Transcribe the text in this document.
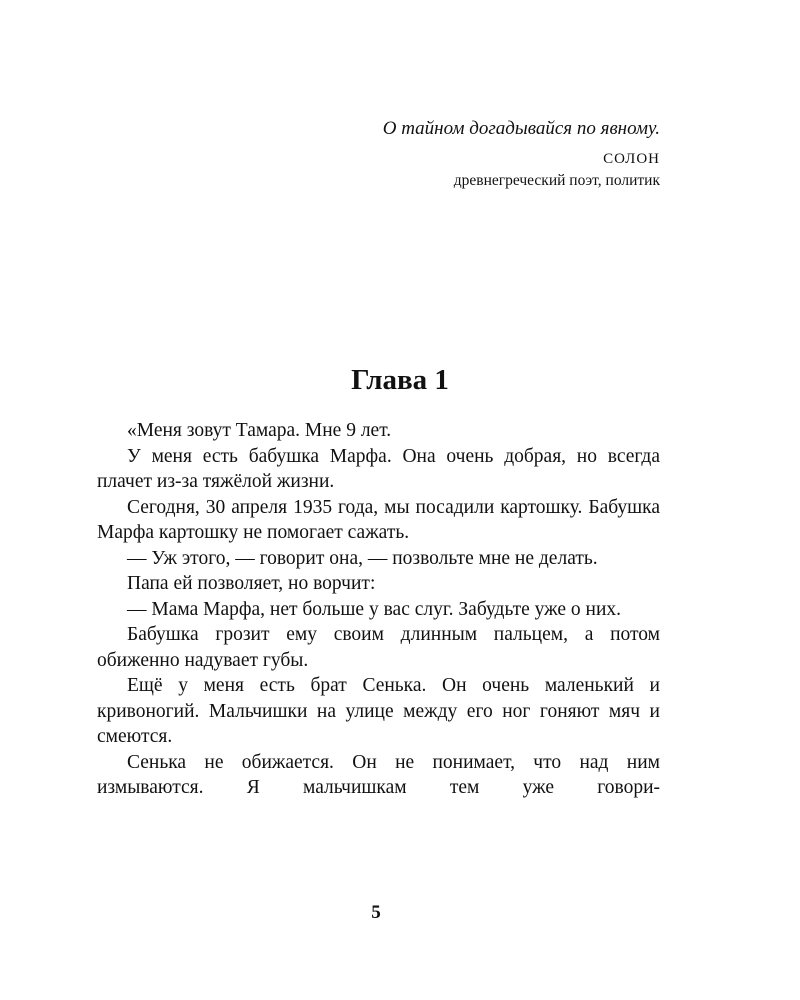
О тайном догадывайся по явному.

СОЛОН
древнегреческий поэт, политик
Глава 1

«Меня зовут Тамара. Мне 9 лет.

У меня есть бабушка Марфа. Она очень добрая, но всегда плачет из-за тяжёлой жизни.

Сегодня, 30 апреля 1935 года, мы посадили картошку. Бабушка Марфа картошку не помогает сажать.

— Уж этого, — говорит она, — позвольте мне не делать.

Папа ей позволяет, но ворчит:

— Мама Марфа, нет больше у вас слуг. Забудьте уже о них.

Бабушка грозит ему своим длинным пальцем, а потом обиженно надувает губы.

Ещё у меня есть брат Сенька. Он очень маленький и кривоногий. Мальчишки на улице между его ног гоняют мяч и смеются.

Сенька не обижается. Он не понимает, что над ним измываются. Я мальчишкам тем уже говори-

5
